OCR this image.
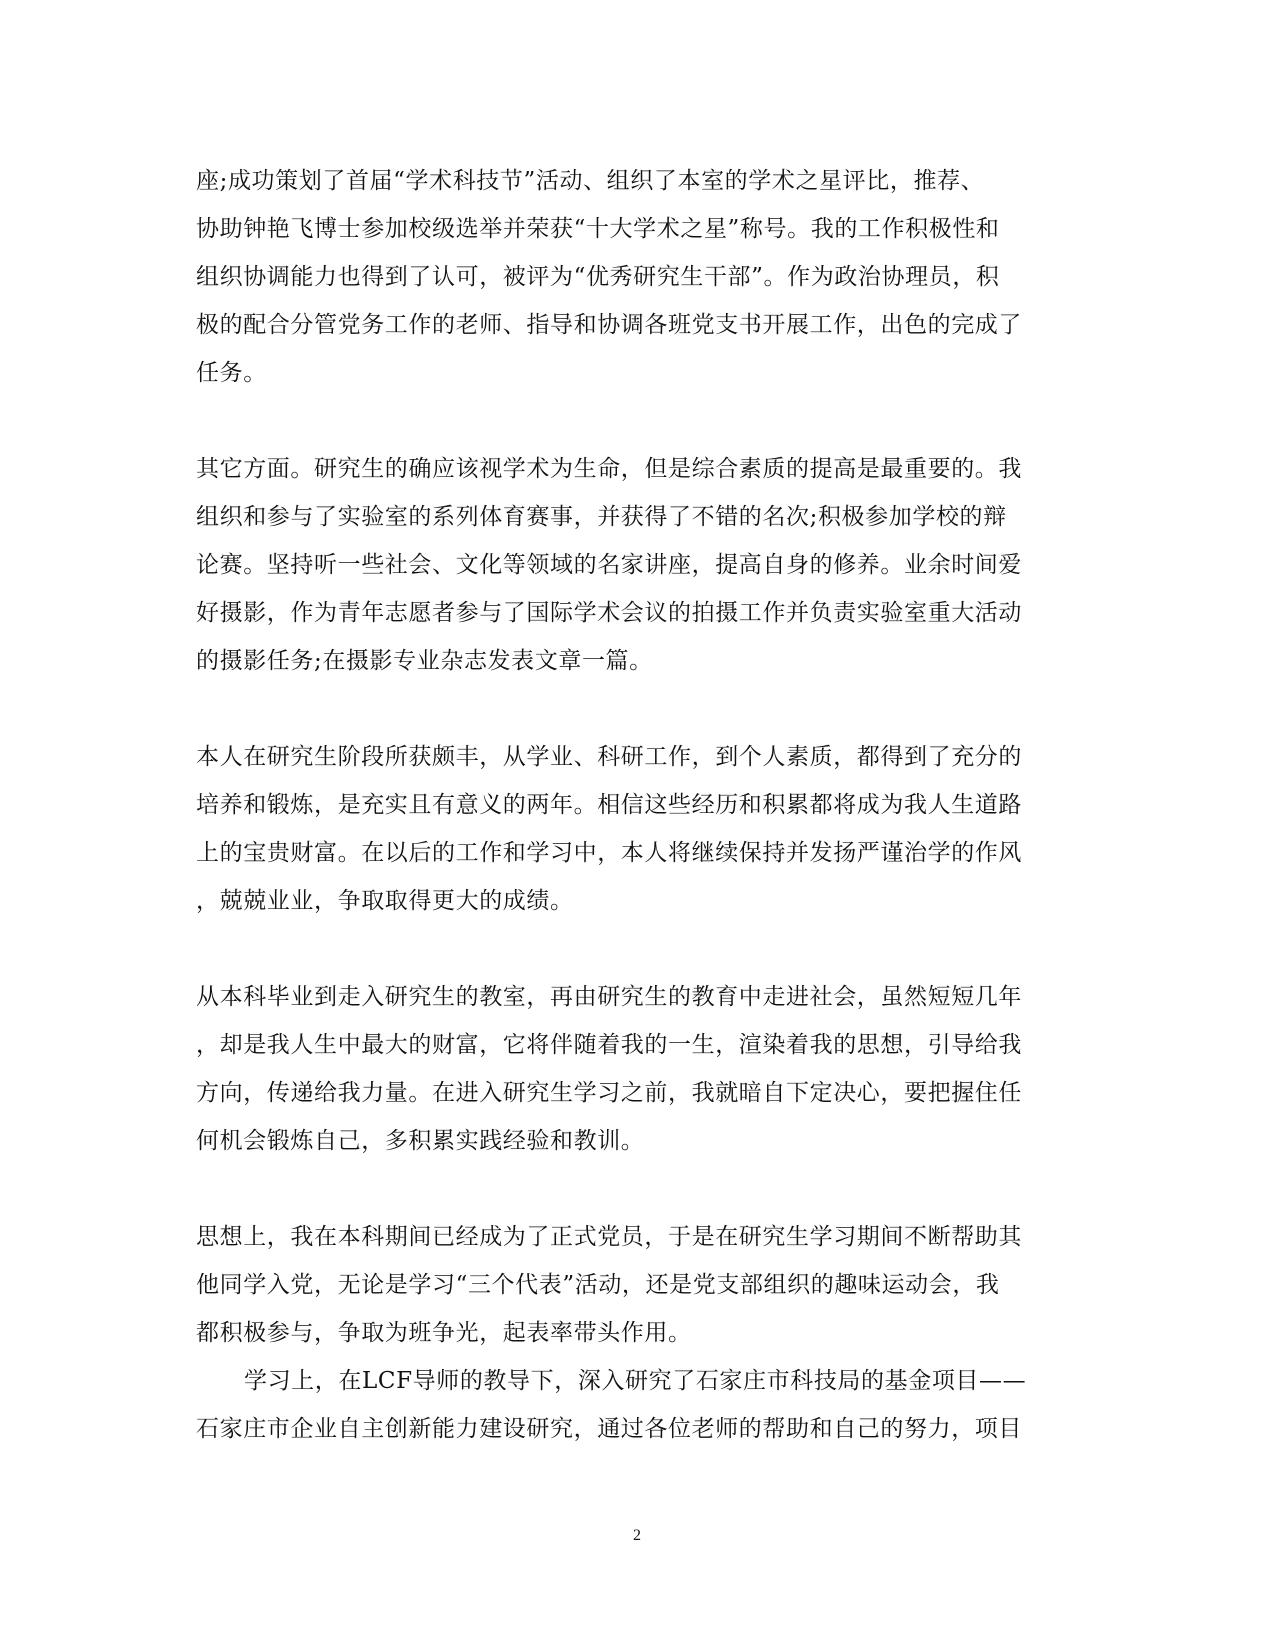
座;成功策划了首届“学术科技节”活动、组织了本室的学术之星评比，推荐、
协助钟艳飞博士参加校级选举并荣获“十大学术之星”称号。我的工作积极性和
组织协调能力也得到了认可，被评为“优秀研究生干部”。作为政治协理员，积
极的配合分管党务工作的老师、指导和协调各班党支书开展工作，出色的完成了
任务。
其它方面。研究生的确应该视学术为生命，但是综合素质的提高是最重要的。我
组织和参与了实验室的系列体育赛事，并获得了不错的名次;积极参加学校的辩
论赛。坚持听一些社会、文化等领域的名家讲座，提高自身的修养。业余时间爱
好摄影，作为青年志愿者参与了国际学术会议的拍摄工作并负责实验室重大活动
的摄影任务;在摄影专业杂志发表文章一篇。
本人在研究生阶段所获颇丰，从学业、科研工作，到个人素质，都得到了充分的
培养和锻炼，是充实且有意义的两年。相信这些经历和积累都将成为我人生道路
上的宝贵财富。在以后的工作和学习中，本人将继续保持并发扬严谨治学的作风
，兢兢业业，争取取得更大的成绩。
从本科毕业到走入研究生的教室，再由研究生的教育中走进社会，虽然短短几年
，却是我人生中最大的财富，它将伴随着我的一生，渲染着我的思想，引导给我
方向，传递给我力量。在进入研究生学习之前，我就暗自下定决心，要把握住任
何机会锻炼自己，多积累实践经验和教训。
思想上，我在本科期间已经成为了正式党员，于是在研究生学习期间不断帮助其
他同学入党，无论是学习“三个代表”活动，还是党支部组织的趣味运动会，我
都积极参与，争取为班争光，起表率带头作用。
学习上，在LCF导师的教导下，深入研究了石家庄市科技局的基金项目——
石家庄市企业自主创新能力建设研究，通过各位老师的帮助和自己的努力，项目
2
